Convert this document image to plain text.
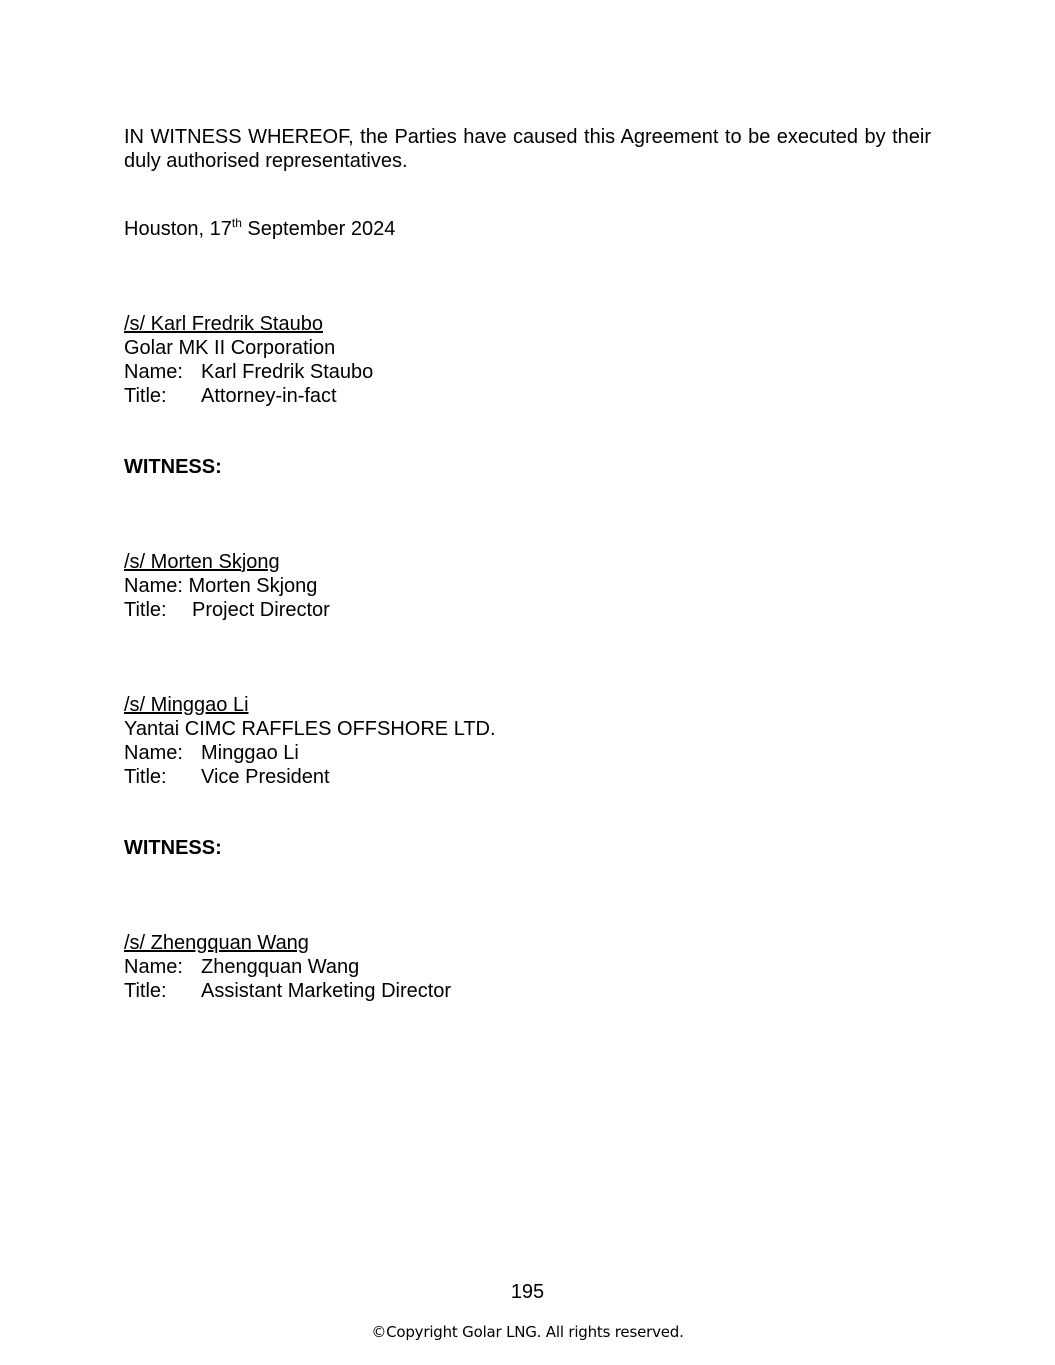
IN WITNESS WHEREOF, the Parties have caused this Agreement to be executed by their duly authorised representatives.
Houston, 17th September 2024
/s/ Karl Fredrik Staubo
Golar MK II Corporation
Name: Karl Fredrik Staubo
Title: Attorney-in-fact
WITNESS:
/s/ Morten Skjong
Name: Morten Skjong
Title: Project Director
/s/ Minggao Li
Yantai CIMC RAFFLES OFFSHORE LTD.
Name: Minggao Li
Title: Vice President
WITNESS:
/s/ Zhengquan Wang
Name: Zhengquan Wang
Title: Assistant Marketing Director
195
©Copyright Golar LNG. All rights reserved.
